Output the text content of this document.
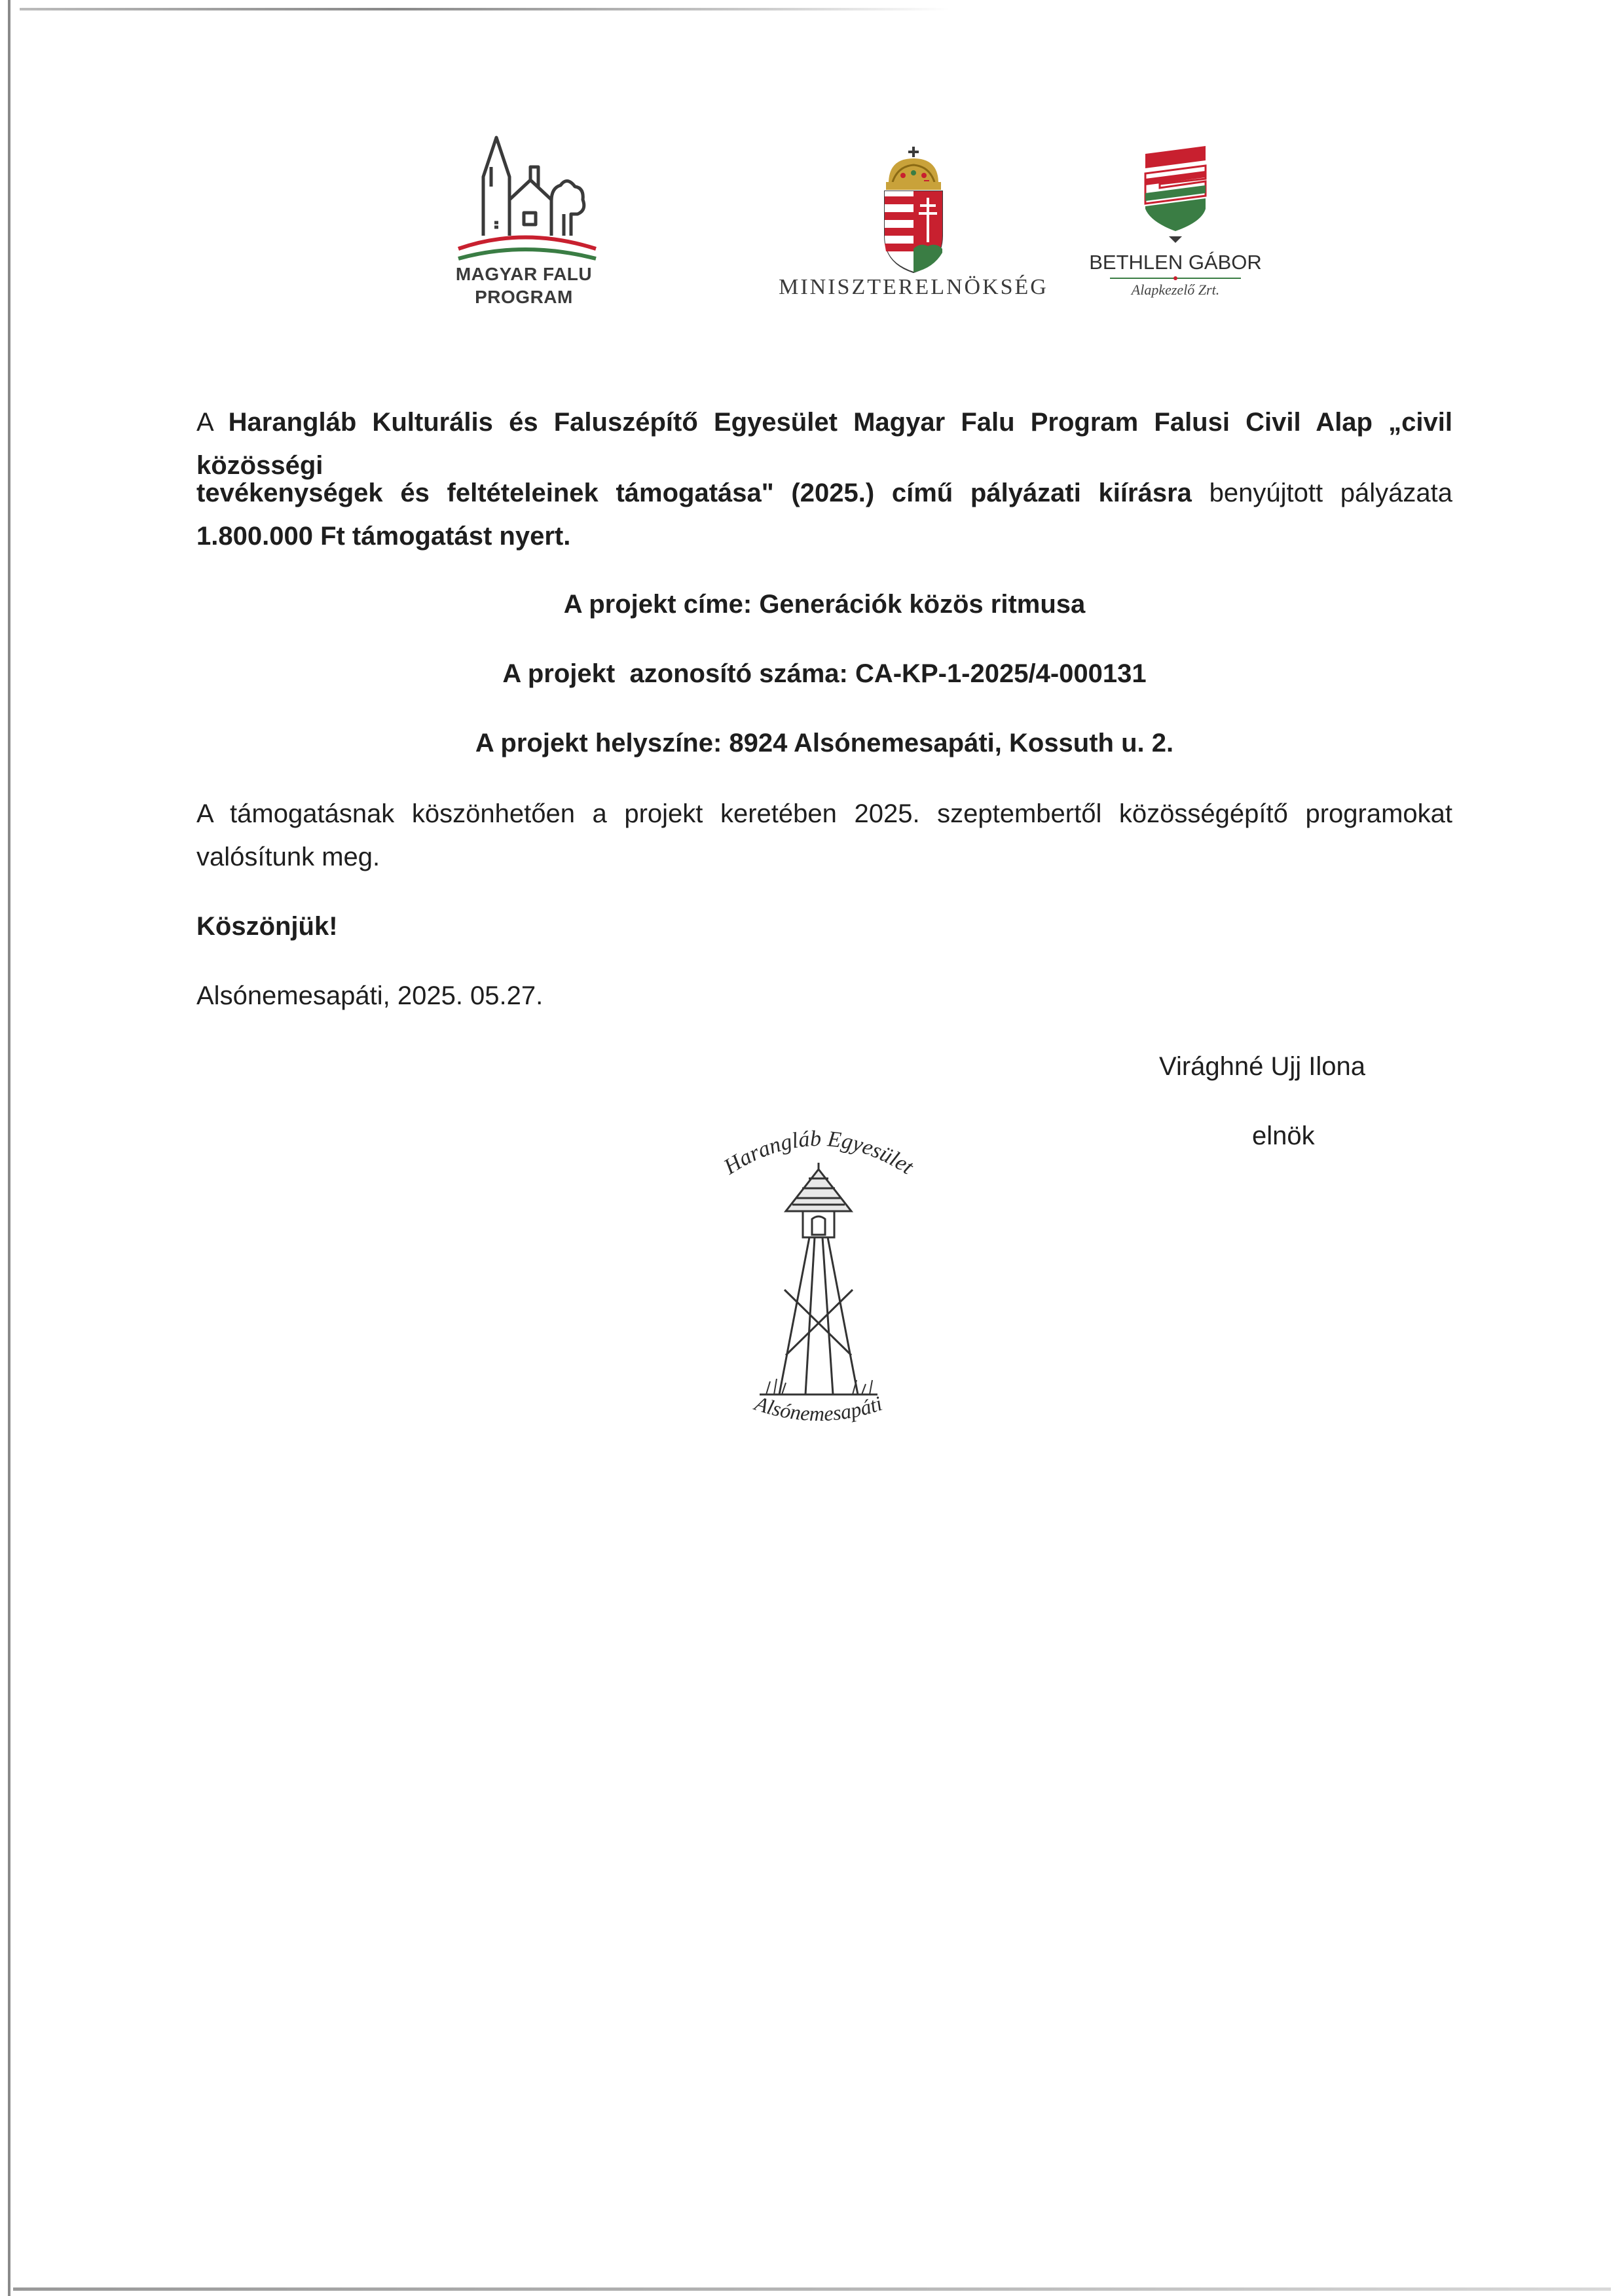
MAGYAR FALU
PROGRAM	MINISZTERELNÖKSÉG
BETHLEN GÁBOR
Alapkezelő Zrt.

A Harangláb Kulturális és Faluszépítő Egyesület Magyar Falu Program Falusi Civil Alap „civil közösségi

tevékenységek és feltételeinek támogatása" (2025.) című pályázati kiírásra benyújtott pályázata

1.800.000 Ft támogatást nyert.

A projekt címe: Generációk közös ritmusa

A projekt  azonosító száma: CA-KP-1-2025/4-000131

A projekt helyszíne: 8924 Alsónemesapáti, Kossuth u. 2.

A támogatásnak köszönhetően a projekt keretében 2025. szeptembertől közösségépítő programokat

valósítunk meg.

Köszönjük!

Alsónemesapáti, 2025. 05.27.

Virághné Ujj Ilona

elnök

Harangláb Egyesület
Alsónemesapáti
